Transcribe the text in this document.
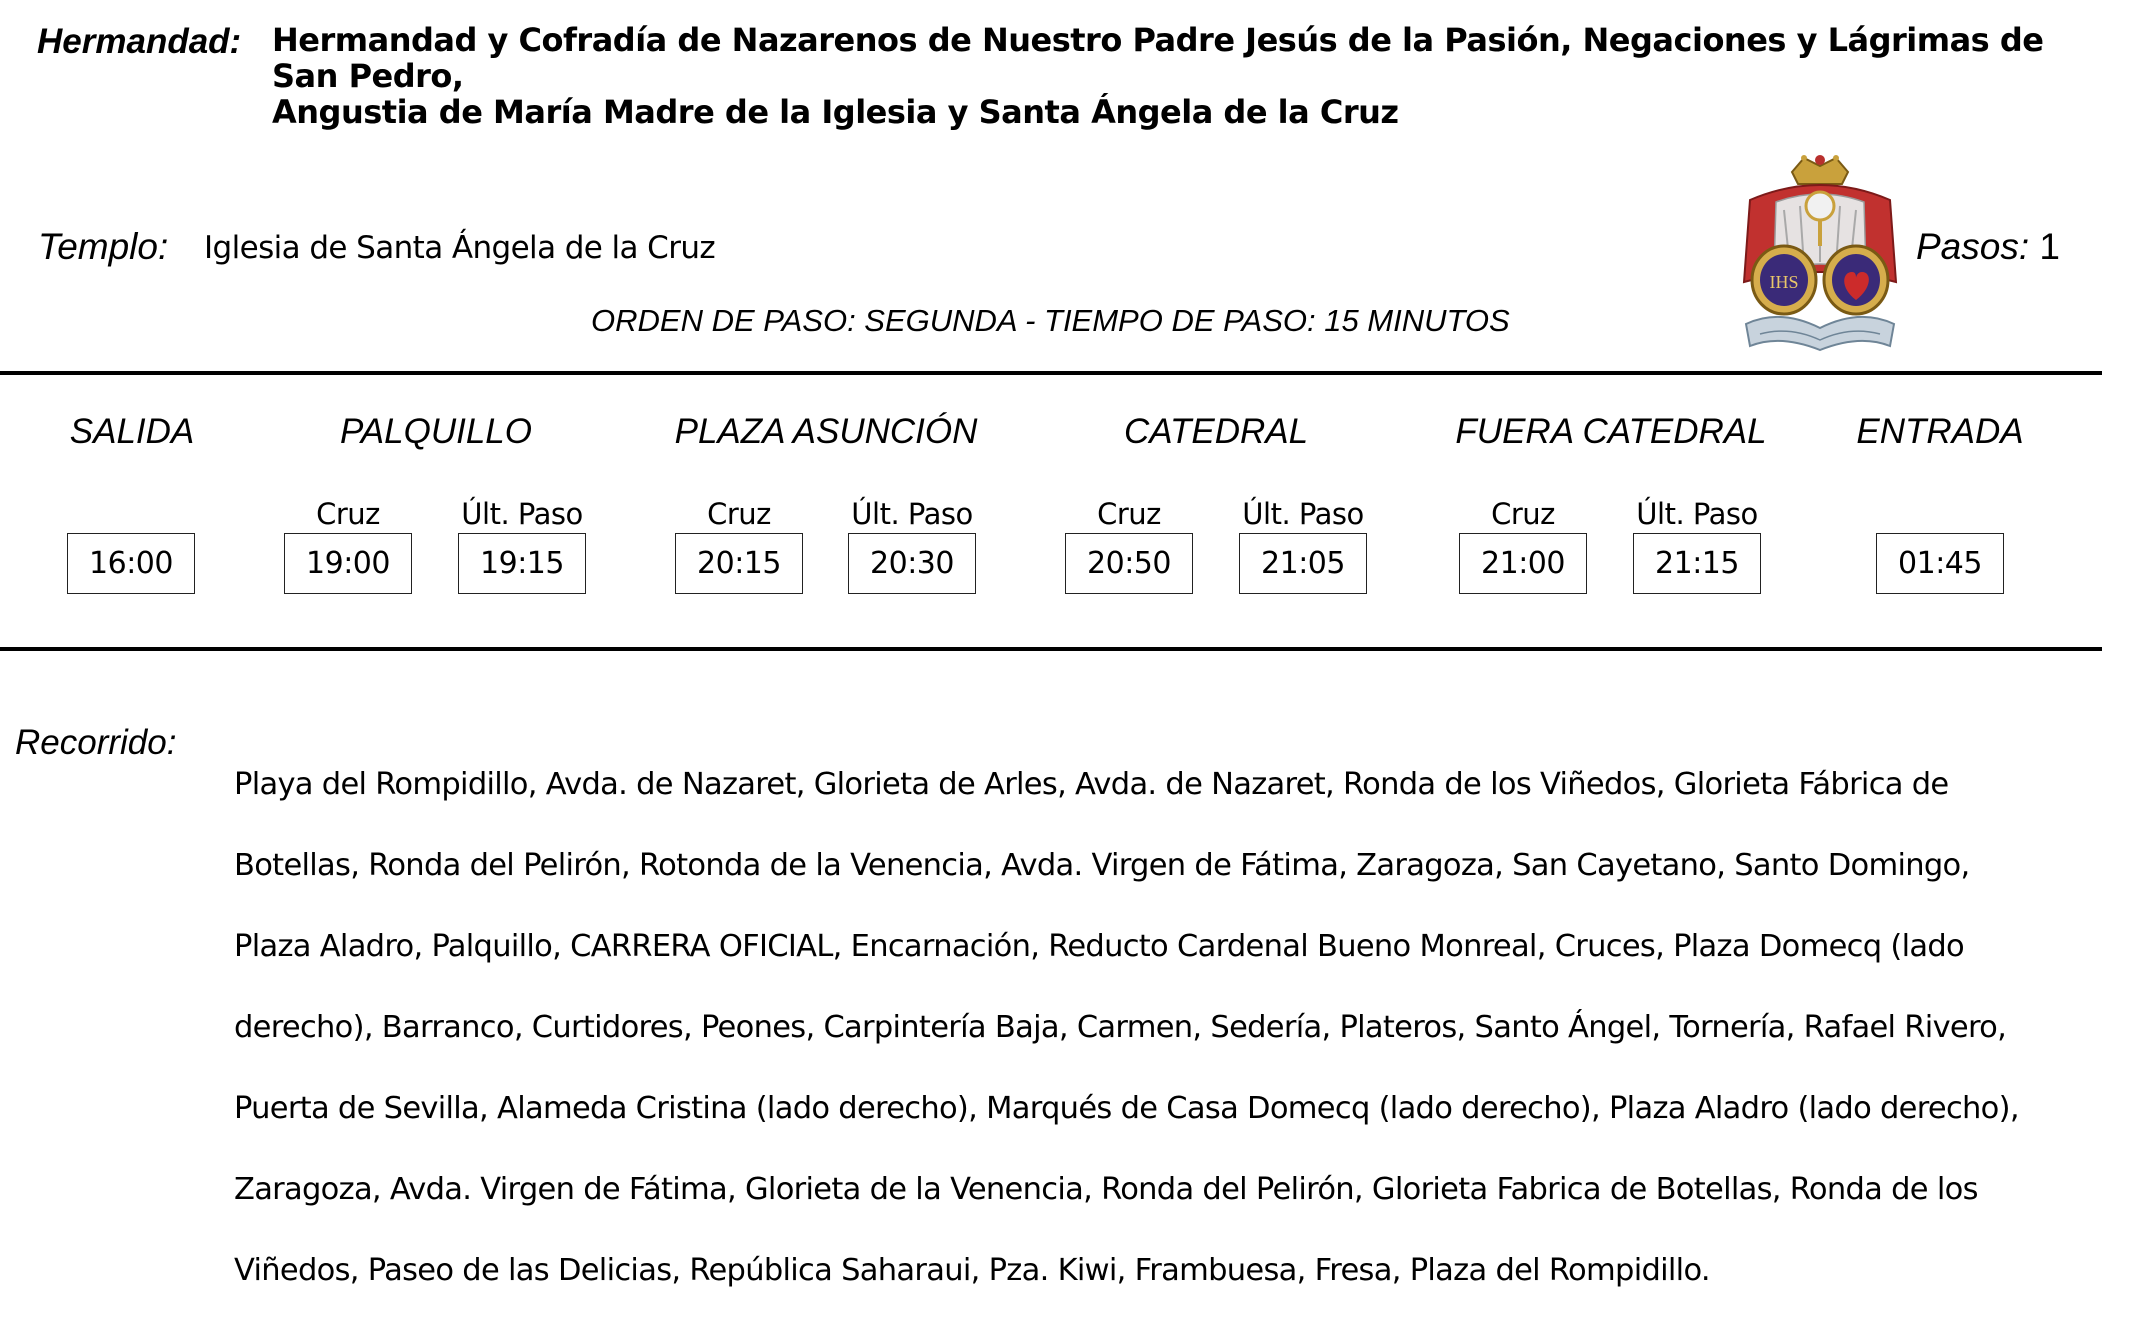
Hermandad: Hermandad y Cofradía de Nazarenos de Nuestro Padre Jesús de la Pasión, Negaciones y Lágrimas de San Pedro,
Angustia de María Madre de la Iglesia y Santa Ángela de la Cruz
Templo: Iglesia de Santa Ángela de la Cruz
IHS
Pasos: 1
ORDEN DE PASO: SEGUNDA - TIEMPO DE PASO: 15 MINUTOS
SALIDA
16:00
PALQUILLO
Cruz	Últ. Paso
19:00	19:15
PLAZA ASUNCIÓN
Cruz	Últ. Paso
20:15	20:30
CATEDRAL
Cruz	Últ. Paso
20:50	21:05
FUERA CATEDRAL
Cruz	Últ. Paso
21:00	21:15
ENTRADA
01:45
Recorrido:

Playa del Rompidillo, Avda. de Nazaret, Glorieta de Arles, Avda. de Nazaret, Ronda de los Viñedos, Glorieta Fábrica de

Botellas, Ronda del Pelirón, Rotonda de la Venencia, Avda. Virgen de Fátima, Zaragoza, San Cayetano, Santo Domingo,

Plaza Aladro, Palquillo, CARRERA OFICIAL, Encarnación, Reducto Cardenal Bueno Monreal, Cruces, Plaza Domecq (lado

derecho), Barranco, Curtidores, Peones, Carpintería Baja, Carmen, Sedería, Plateros, Santo Ángel, Tornería, Rafael Rivero,

Puerta de Sevilla, Alameda Cristina (lado derecho), Marqués de Casa Domecq (lado derecho), Plaza Aladro (lado derecho),

Zaragoza, Avda. Virgen de Fátima, Glorieta de la Venencia, Ronda del Pelirón, Glorieta Fabrica de Botellas, Ronda de los

Viñedos, Paseo de las Delicias, República Saharaui, Pza. Kiwi, Frambuesa, Fresa, Plaza del Rompidillo.
